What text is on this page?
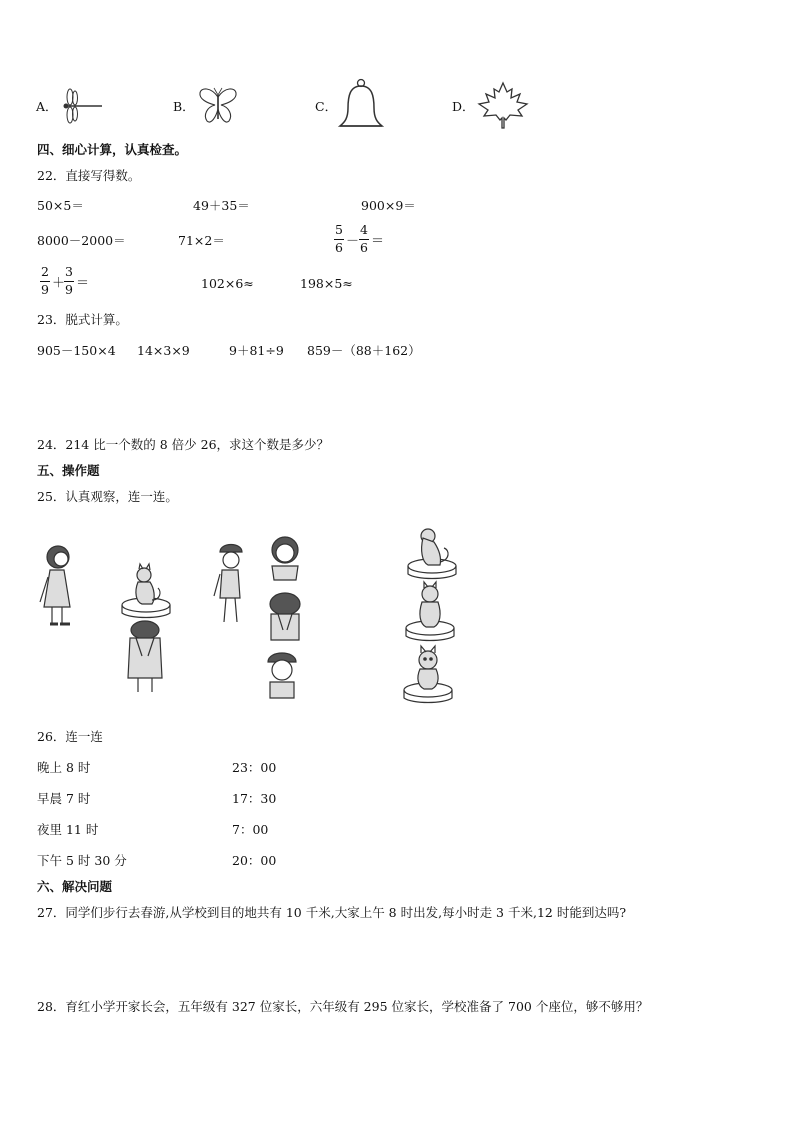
A．	B．	C．	D．
四、细心计算，认真检查。
22．直接写得数。
50×5＝	49＋35＝	900×9＝
8000－2000＝	71×2＝
5
6 －
4
6 ＝
2
9 ＋
3
9 ＝	102×6≈	198×5≈
23．脱式计算。
905－150×4 14×3×9	9＋81÷9 859－（88＋162）
24．214 比一个数的 8 倍少 26，求这个数是多少？
五、操作题
25．认真观察，连一连。
26．连一连
晚上 8 时	23：00
早晨 7 时	17：30
夜里 11 时	7：00
下午 5 时 30 分	20：00
六、解决问题
27．同学们步行去春游,从学校到目的地共有 10 千米,大家上午 8 时出发,每小时走 3 千米,12 时能到达吗?
28．育红小学开家长会，五年级有 327 位家长，六年级有 295 位家长，学校准备了 700 个座位，够不够用？
